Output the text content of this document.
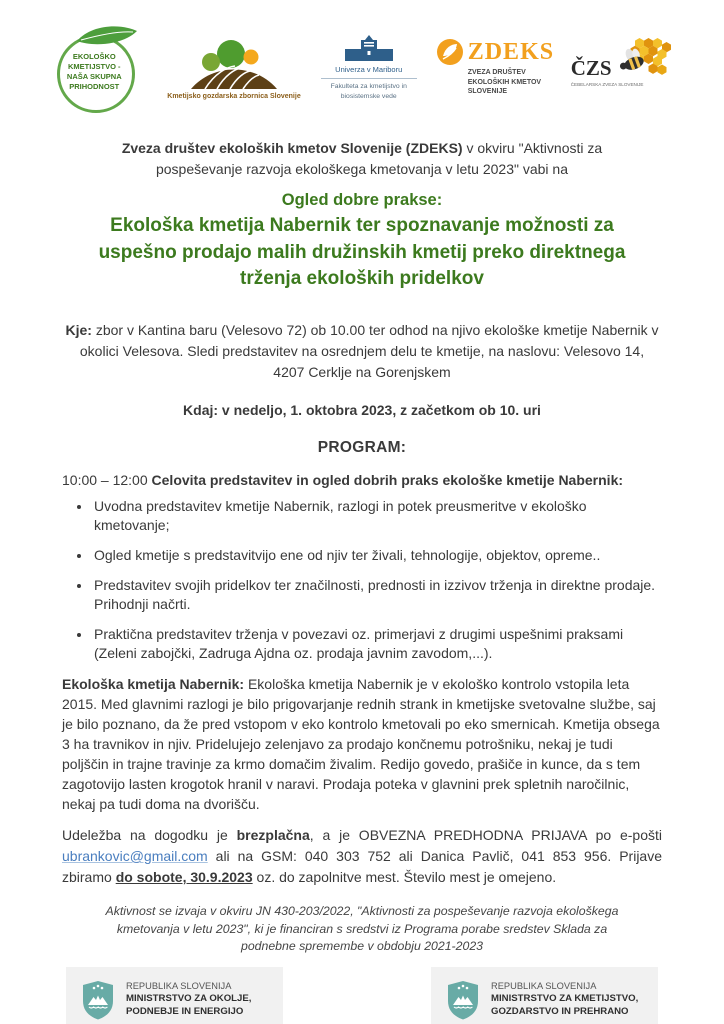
EKOLOŠKO KMETIJSTVO - NAŠA SKUPNA PRIHODNOST
Kmetijsko gozdarska zbornica Slovenije
Univerza v Mariboru
Fakulteta za kmetijstvo in biosistemske vede
ZDEKS
ZVEZA DRUŠTEV EKOLOŠKIH KMETOV SLOVENIJE
ČZS
ČEBELARSKA ZVEZA SLOVENIJE

Zveza društev ekoloških kmetov Slovenije (ZDEKS) v okviru "Aktivnosti za pospeševanje razvoja ekološkega kmetovanja v letu 2023" vabi na

Ogled dobre prakse:
Ekološka kmetija Nabernik ter spoznavanje možnosti za uspešno prodajo malih družinskih kmetij preko direktnega trženja ekoloških pridelkov

Kje: zbor v Kantina baru (Velesovo 72) ob 10.00 ter odhod na njivo ekološke kmetije Nabernik v okolici Velesova. Sledi predstavitev na osrednjem delu te kmetije, na naslovu: Velesovo 14, 4207 Cerklje na Gorenjskem

Kdaj: v nedeljo, 1. oktobra 2023, z začetkom ob 10. uri

PROGRAM:

10:00 – 12:00 Celovita predstavitev in ogled dobrih praks ekološke kmetije Nabernik:

• Uvodna predstavitev kmetije Nabernik, razlogi in potek preusmeritve v ekološko kmetovanje;
• Ogled kmetije s predstavitvijo ene od njiv ter živali, tehnologije, objektov, opreme..
• Predstavitev svojih pridelkov ter značilnosti, prednosti in izzivov trženja in direktne prodaje. Prihodnji načrti.
• Praktična predstavitev trženja v povezavi oz. primerjavi z drugimi uspešnimi praksami (Zeleni zabojčki, Zadruga Ajdna oz. prodaja javnim zavodom,...).

Ekološka kmetija Nabernik: Ekološka kmetija Nabernik je v ekološko kontrolo vstopila leta 2015. Med glavnimi razlogi je bilo prigovarjanje rednih strank in kmetijske svetovalne službe, saj je bilo poznano, da že pred vstopom v eko kontrolo kmetovali po eko smernicah. Kmetija obsega 3 ha travnikov in njiv. Pridelujejo zelenjavo za prodajo končnemu potrošniku, nekaj je tudi poljščin in trajne travinje za krmo domačim živalim. Redijo govedo, prašiče in kunce, da s tem zagotovijo lasten krogotok hranil v naravi. Prodaja poteka v glavnini prek spletnih naročilnic, nekaj pa tudi doma na dvorišču.

Udeležba na dogodku je brezplačna, a je OBVEZNA PREDHODNA PRIJAVA po e-pošti ubrankovic@gmail.com ali na GSM: 040 303 752 ali Danica Pavlič, 041 853 956. Prijave zbiramo do sobote, 30.9.2023 oz. do zapolnitve mest. Število mest je omejeno.

Aktivnost se izvaja v okviru JN 430-203/2022, "Aktivnosti za pospeševanje razvoja ekološkega kmetovanja v letu 2023", ki je financiran s sredstvi iz Programa porabe sredstev Sklada za podnebne spremembe v obdobju 2021-2023

REPUBLIKA SLOVENIJA
MINISTRSTVO ZA OKOLJE, PODNEBJE IN ENERGIJO
REPUBLIKA SLOVENIJA
MINISTRSTVO ZA KMETIJSTVO, GOZDARSTVO IN PREHRANO
